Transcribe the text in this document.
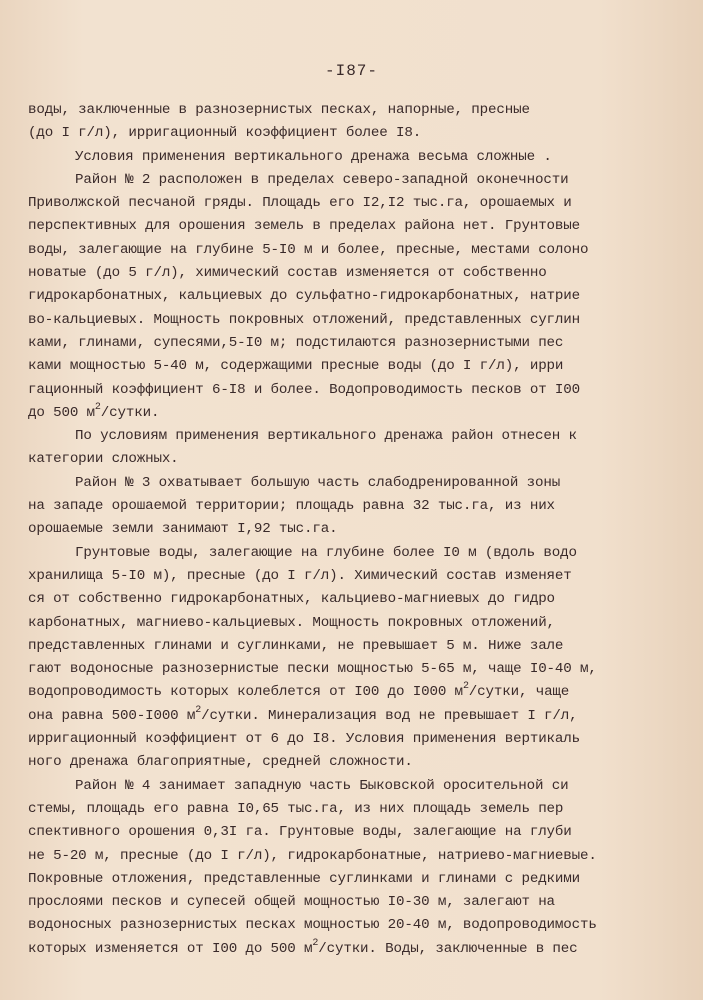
-I87-
воды, заключенные в разнозернистых песках, напорные, пресные
(до I г/л), ирригационный коэффициент более I8.
Условия применения вертикального дренажа весьма сложные .
Район № 2 расположен в пределах северо-западной оконечности
Приволжской песчаной гряды. Площадь его I2,I2 тыс.га, орошаемых и
перспективных для орошения земель в пределах района нет. Грунтовые
воды, залегающие на глубине 5-I0 м и более, пресные, местами солоно
новатые (до 5 г/л), химический состав изменяется от собственно
гидрокарбонатных, кальциевых до сульфатно-гидрокарбонатных, натрие
во-кальциевых. Мощность покровных отложений, представленных суглин
ками, глинами, супесями,5-I0 м; подстилаются разнозернистыми пес
ками мощностью 5-40 м, содержащими пресные воды (до I г/л), ирри
гационный коэффициент 6-I8 и более. Водопроводимость песков от I00
до 500 $м^2$/сутки.
По условиям применения вертикального дренажа район отнесен к
категории сложных.
Район № 3 охватывает большую часть слабодренированной зоны
на западе орошаемой территории; площадь равна 32 тыс.га, из них
орошаемые земли занимают I,92 тыс.га.
Грунтовые воды, залегающие на глубине более I0 м (вдоль водо
хранилища 5-I0 м), пресные (до I г/л). Химический состав изменяет
ся от собственно гидрокарбонатных, кальциево-магниевых до гидро
карбонатных, магниево-кальциевых. Мощность покровных отложений,
представленных глинами и суглинками, не превышает 5 м. Ниже зале
гают водоносные разнозернистые пески мощностью 5-65 м, чаще I0-40 м,
водопроводимость которых колеблется от I00 до I000 $м^2$/сутки, чаще
она равна 500-I000 $м^2$/сутки. Минерализация вод не превышает I г/л,
ирригационный коэффициент от 6 до I8. Условия применения вертикаль
ного дренажа благоприятные, средней сложности.
Район № 4 занимает западную часть Быковской оросительной си
стемы, площадь его равна I0,65 тыс.га, из них площадь земель пер
спективного орошения 0,3I га. Грунтовые воды, залегающие на глуби
не 5-20 м, пресные (до I г/л), гидрокарбонатные, натриево-магниевые.
Покровные отложения, представленные суглинками и глинами с редкими
прослоями песков и супесей общей мощностью I0-30 м, залегают на
водоносных разнозернистых песках мощностью 20-40 м, водопроводимость
которых изменяется от I00 до 500 $м^2$/сутки. Воды, заключенные в пес
